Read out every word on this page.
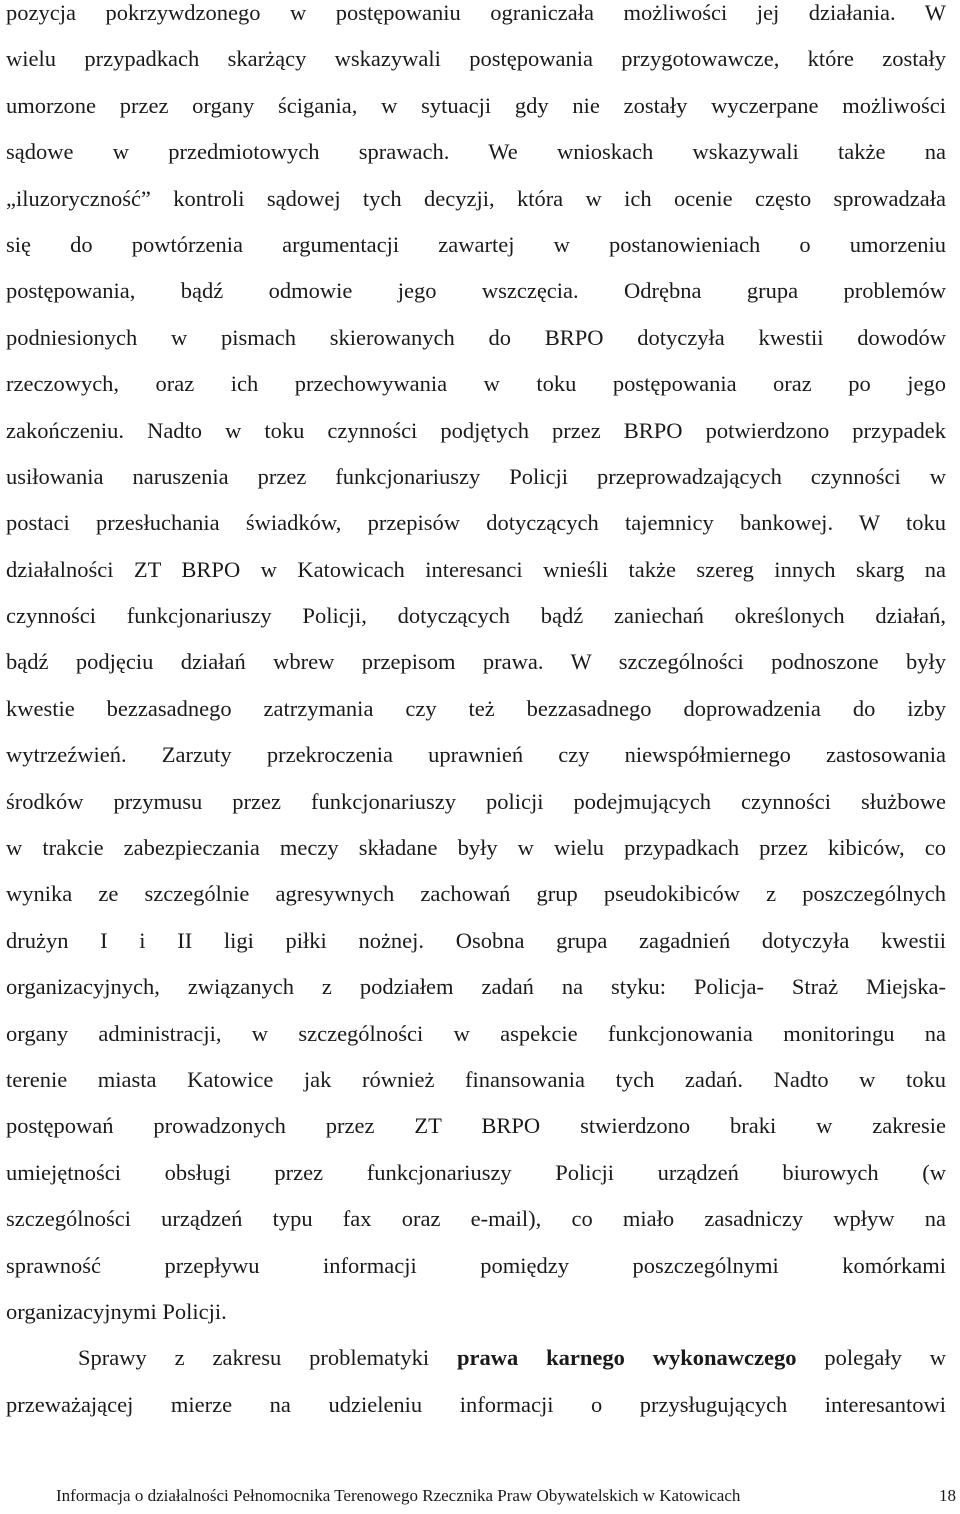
pozycja pokrzywdzonego w postępowaniu ograniczała możliwości jej działania. W
wielu przypadkach skarżący wskazywali postępowania przygotowawcze, które zostały
umorzone przez organy ścigania, w sytuacji gdy nie zostały wyczerpane możliwości
sądowe w przedmiotowych sprawach. We wnioskach wskazywali także na
„iluzoryczność” kontroli sądowej tych decyzji, która w ich ocenie często sprowadzała
się do powtórzenia argumentacji zawartej w postanowieniach o umorzeniu
postępowania, bądź odmowie jego wszczęcia. Odrębna grupa problemów
podniesionych w pismach skierowanych do BRPO dotyczyła kwestii dowodów
rzeczowych, oraz ich przechowywania w toku postępowania oraz po jego
zakończeniu. Nadto w toku czynności podjętych przez BRPO potwierdzono przypadek
usiłowania naruszenia przez funkcjonariuszy Policji przeprowadzających czynności w
postaci przesłuchania świadków, przepisów dotyczących tajemnicy bankowej. W toku
działalności ZT BRPO w Katowicach interesanci wnieśli także szereg innych skarg na
czynności funkcjonariuszy Policji, dotyczących bądź zaniechań określonych działań,
bądź podjęciu działań wbrew przepisom prawa. W szczególności podnoszone były
kwestie bezzasadnego zatrzymania czy też bezzasadnego doprowadzenia do izby
wytrzeźwień. Zarzuty przekroczenia uprawnień czy niewspółmiernego zastosowania
środków przymusu przez funkcjonariuszy policji podejmujących czynności służbowe
w trakcie zabezpieczania meczy składane były w wielu przypadkach przez kibiców, co
wynika ze szczególnie agresywnych zachowań grup pseudokibiców z poszczególnych
drużyn I i II ligi piłki nożnej. Osobna grupa zagadnień dotyczyła kwestii
organizacyjnych, związanych z podziałem zadań na styku: Policja- Straż Miejska-
organy administracji, w szczególności w aspekcie funkcjonowania monitoringu na
terenie miasta Katowice jak również finansowania tych zadań. Nadto w toku
postępowań prowadzonych przez ZT BRPO stwierdzono braki w zakresie
umiejętności obsługi przez funkcjonariuszy Policji urządzeń biurowych (w
szczególności urządzeń typu fax oraz e-mail), co miało zasadniczy wpływ na
sprawność przepływu informacji pomiędzy poszczególnymi komórkami
organizacyjnymi Policji.
Sprawy z zakresu problematyki prawa karnego wykonawczego polegały w
przeważającej mierze na udzieleniu informacji o przysługujących interesantowi
Informacja o działalności Pełnomocnika Terenowego Rzecznika Praw Obywatelskich w Katowicach	18
